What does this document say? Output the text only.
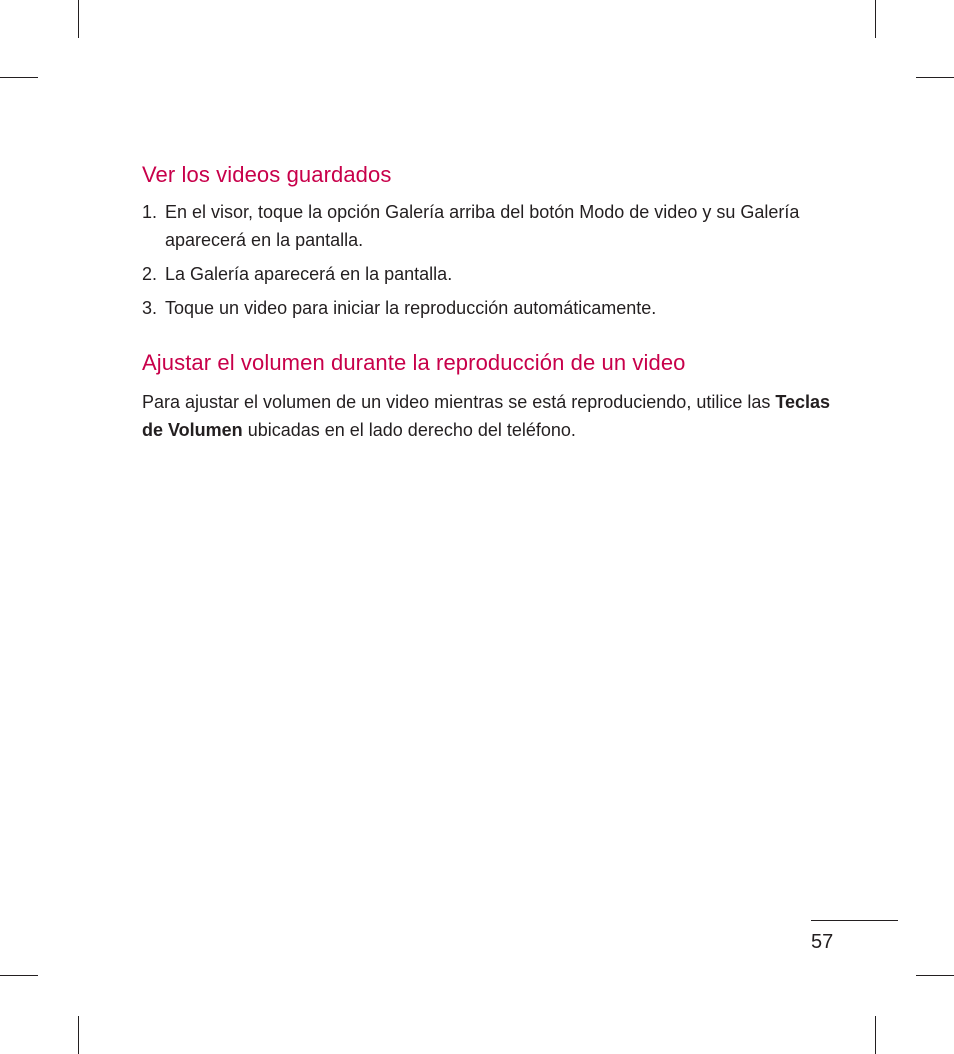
Ver los videos guardados
1. En el visor, toque la opción Galería arriba del botón Modo de video y su Galería aparecerá en la pantalla.
2. La Galería aparecerá en la pantalla.
3. Toque un video para iniciar la reproducción automáticamente.
Ajustar el volumen durante la reproducción de un video

Para ajustar el volumen de un video mientras se está reproduciendo, utilice las Teclas de Volumen ubicadas en el lado derecho del teléfono.

57
